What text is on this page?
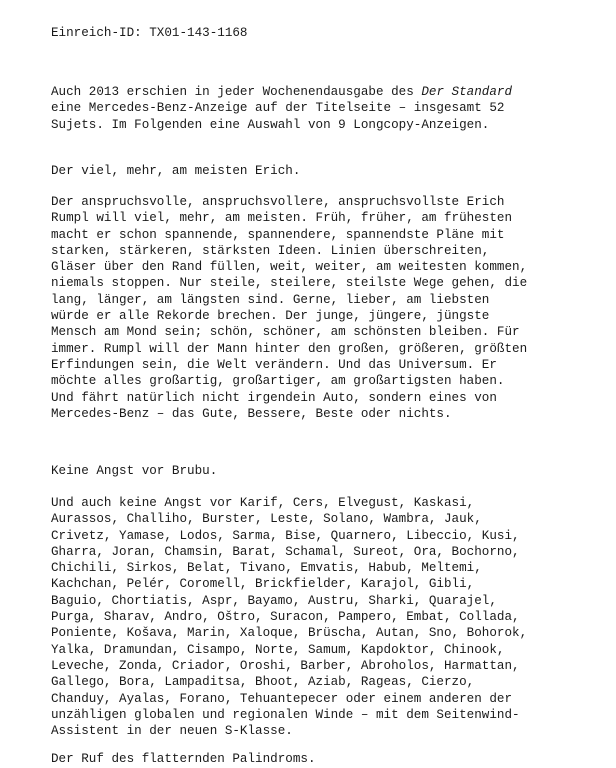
Einreich-ID: TX01-143-1168
Auch 2013 erschien in jeder Wochenendausgabe des Der Standard
eine Mercedes-Benz-Anzeige auf der Titelseite – insgesamt 52
Sujets. Im Folgenden eine Auswahl von 9 Longcopy-Anzeigen.
Der viel, mehr, am meisten Erich.
Der anspruchsvolle, anspruchsvollere, anspruchsvollste Erich
Rumpl will viel, mehr, am meisten. Früh, früher, am frühesten
macht er schon spannende, spannendere, spannendste Pläne mit
starken, stärkeren, stärksten Ideen. Linien überschreiten,
Gläser über den Rand füllen, weit, weiter, am weitesten kommen,
niemals stoppen. Nur steile, steilere, steilste Wege gehen, die
lang, länger, am längsten sind. Gerne, lieber, am liebsten
würde er alle Rekorde brechen. Der junge, jüngere, jüngste
Mensch am Mond sein; schön, schöner, am schönsten bleiben. Für
immer. Rumpl will der Mann hinter den großen, größeren, größten
Erfindungen sein, die Welt verändern. Und das Universum. Er
möchte alles großartig, großartiger, am großartigsten haben.
Und fährt natürlich nicht irgendein Auto, sondern eines von
Mercedes-Benz – das Gute, Bessere, Beste oder nichts.
Keine Angst vor Brubu.
Und auch keine Angst vor Karif, Cers, Elvegust, Kaskasi,
Aurassos, Challiho, Burster, Leste, Solano, Wambra, Jauk,
Crivetz, Yamase, Lodos, Sarma, Bise, Quarnero, Libeccio, Kusi,
Gharra, Joran, Chamsin, Barat, Schamal, Sureot, Ora, Bochorno,
Chichili, Sirkos, Belat, Tivano, Emvatis, Habub, Meltemi,
Kachchan, Pelér, Coromell, Brickfielder, Karajol, Gibli,
Baguio, Chortiatis, Aspr, Bayamo, Austru, Sharki, Quarajel,
Purga, Sharav, Andro, Oštro, Suracon, Pampero, Embat, Collada,
Poniente, Košava, Marin, Xaloque, Brüscha, Autan, Sno, Bohorok,
Yalka, Dramundan, Cisampo, Norte, Samum, Kapdoktor, Chinook,
Leveche, Zonda, Criador, Oroshi, Barber, Abroholos, Harmattan,
Gallego, Bora, Lampaditsa, Bhoot, Aziab, Rageas, Cierzo,
Chanduy, Ayalas, Forano, Tehuantepecer oder einem anderen der
unzähligen globalen und regionalen Winde – mit dem Seitenwind-
Assistent in der neuen S-Klasse.
Der Ruf des flatternden Palindroms.
